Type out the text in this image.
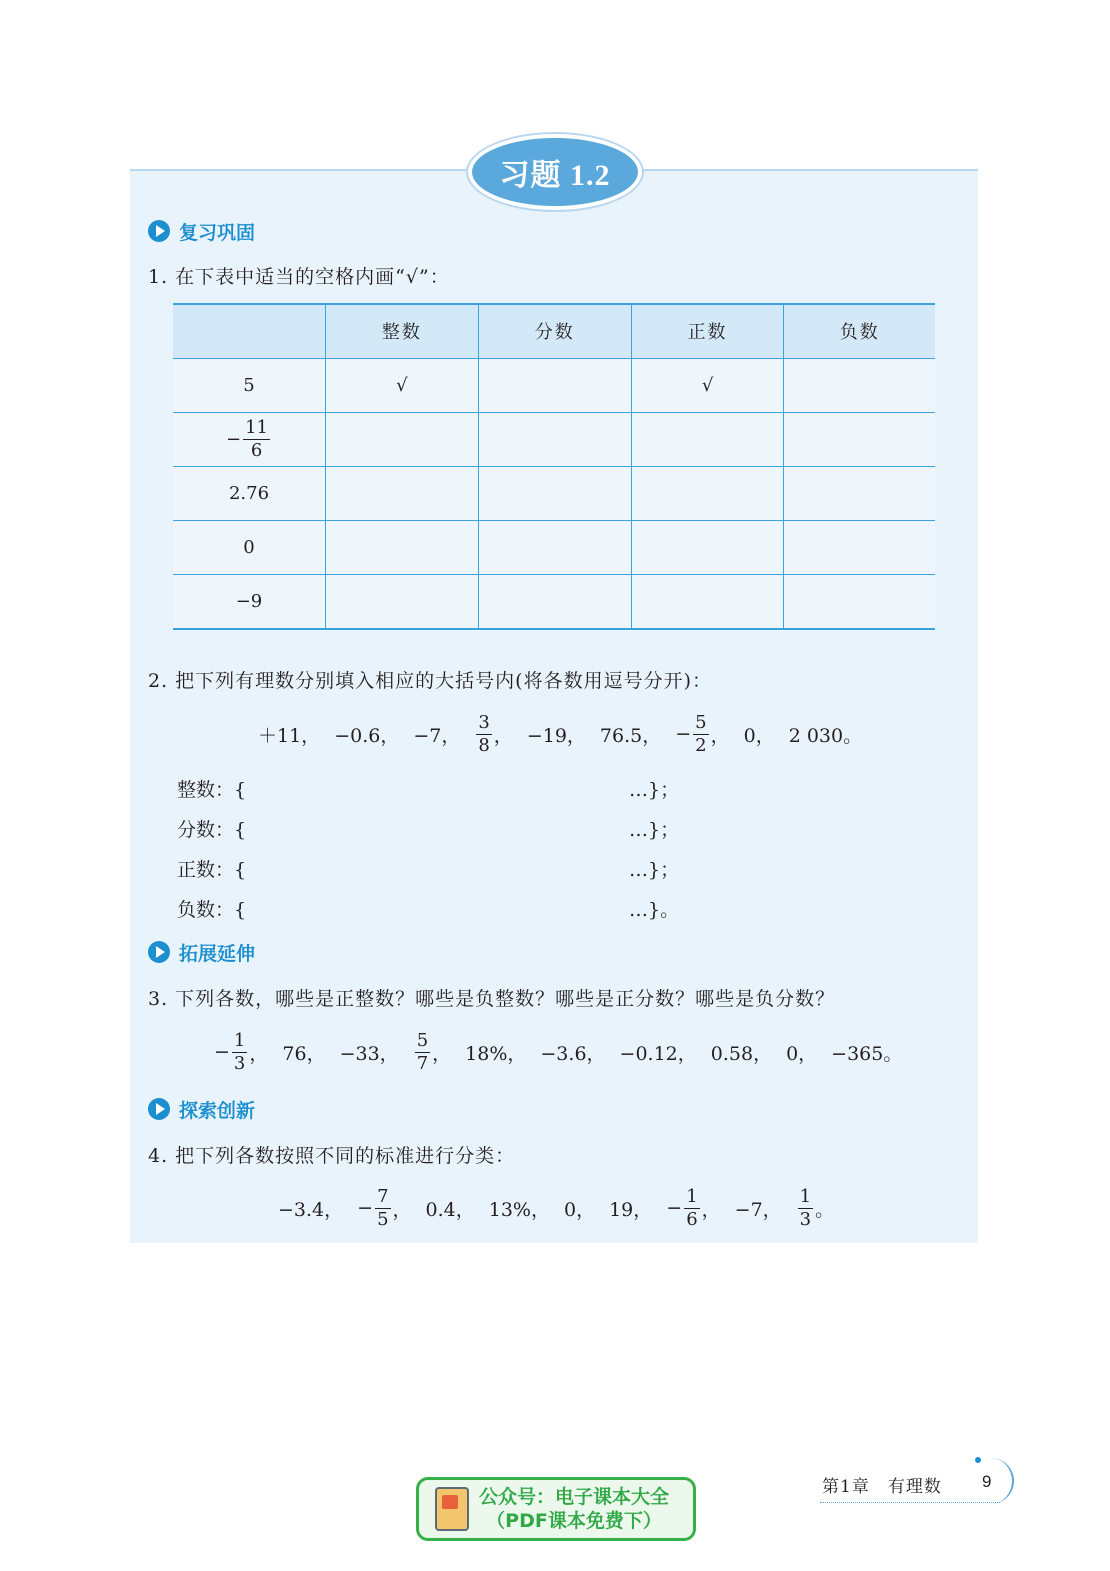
习题 1.2
复习巩固
1. 在下表中适当的空格内画“√”：
	整数	分数	正数	负数
5	√		√	

− $\frac{11}{6}$

2.76				
0				
−9				
2. 把下列有理数分别填入相应的大括号内(将各数用逗号分开)：
＋11， −0.6， −7， $\frac{3}{8}$ ， −19， 76.5， − $\frac{5}{2}$ ， 0， 2 030。
整数：{	…}；
分数：{	…}；
正数：{	…}；
负数：{	…}。
拓展延伸
3. 下列各数，哪些是正整数？哪些是负整数？哪些是正分数？哪些是负分数？
− $\frac{1}{3}$ ， 76， −33， $\frac{5}{7}$ ， 18%， −3.6， −0.12， 0.58， 0， −365。
探索创新
4. 把下列各数按照不同的标准进行分类：
−3.4， − $\frac{7}{5}$ ， 0.4， 13%， 0， 19， − $\frac{1}{6}$ ， −7， $\frac{1}{3}$ 。
公众号：电子课本大全
（PDF课本免费下）
第1章　有理数 9
